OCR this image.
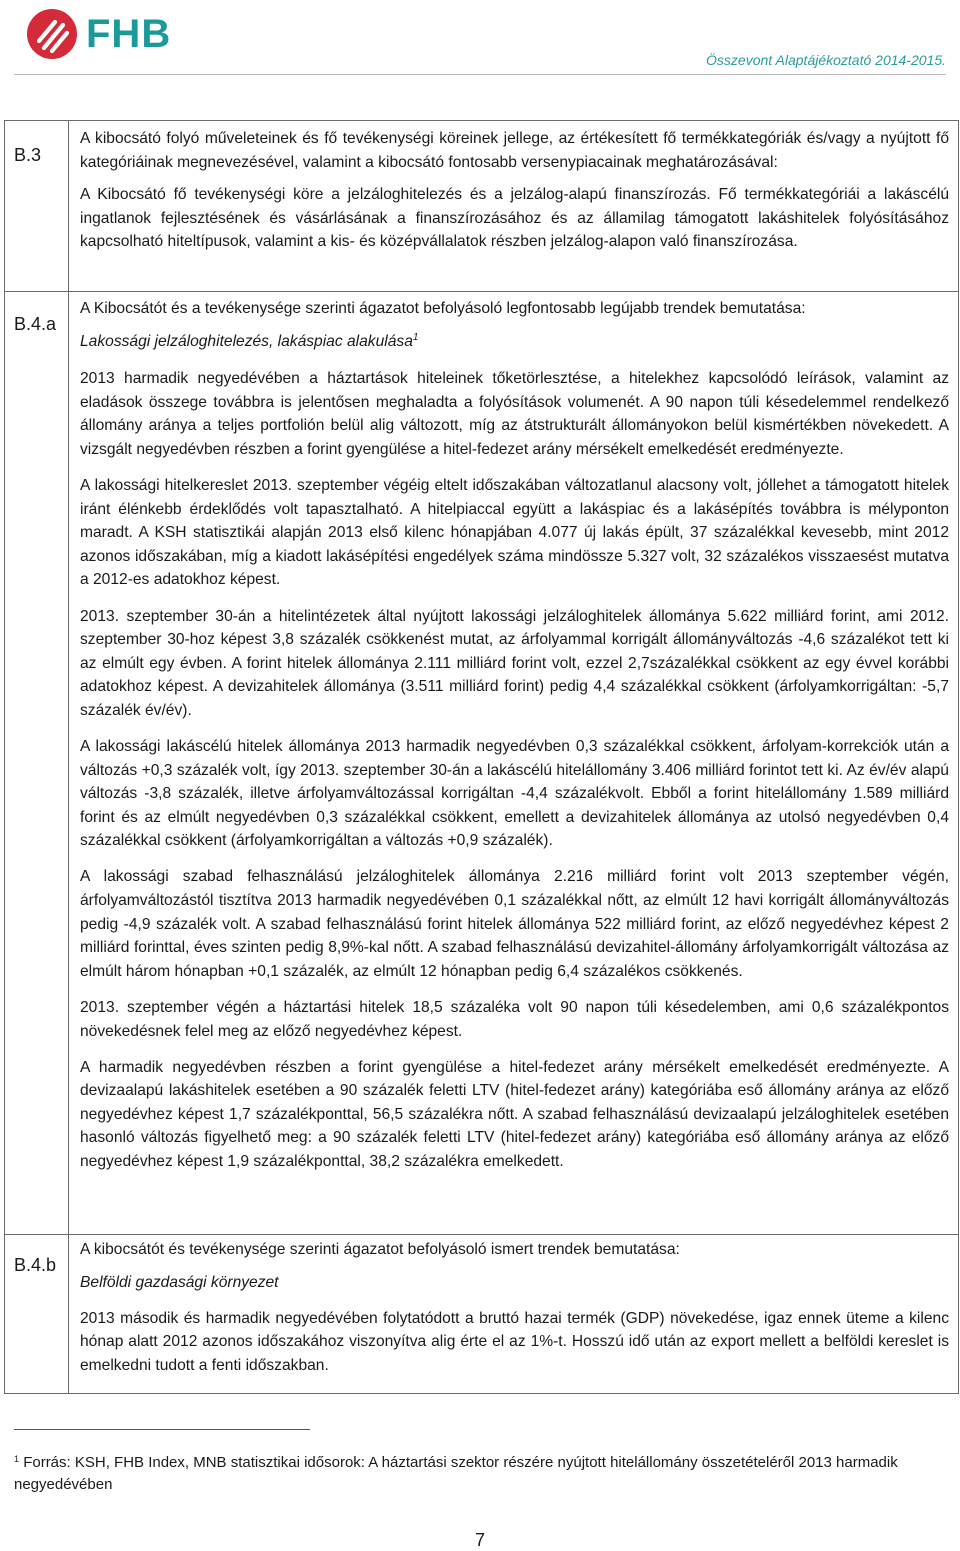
FHB
Összevont Alaptájékoztató 2014-2015.
B.3
B.4.a
B.4.b

A kibocsátó folyó műveleteinek és fő tevékenységi köreinek jellege, az értékesített fő termékkategóriák és/vagy a nyújtott fő kategóriáinak megnevezésével, valamint a kibocsátó fontosabb versenypiacainak meghatározásával:

A Kibocsátó fő tevékenységi köre a jelzáloghitelezés és a jelzálog-alapú finanszírozás. Fő termékkategóriái a lakáscélú ingatlanok fejlesztésének és vásárlásának a finanszírozásához és az államilag támogatott lakáshitelek folyósításához kapcsolható hiteltípusok, valamint a kis- és középvállalatok részben jelzálog-alapon való finanszírozása.

A Kibocsátót és a tevékenysége szerinti ágazatot befolyásoló legfontosabb legújabb trendek bemutatása:

Lakossági jelzáloghitelezés, lakáspiac alakulása$^1$

2013 harmadik negyedévében a háztartások hiteleinek tőketörlesztése, a hitelekhez kapcsolódó leírások, valamint az eladások összege továbbra is jelentősen meghaladta a folyósítások volumenét. A 90 napon túli késedelemmel rendelkező állomány aránya a teljes portfolión belül alig változott, míg az átstrukturált állományokon belül kismértékben növekedett. A vizsgált negyedévben részben a forint gyengülése a hitel-fedezet arány mérsékelt emelkedését eredményezte.

A lakossági hitelkereslet 2013. szeptember végéig eltelt időszakában változatlanul alacsony volt, jóllehet a támogatott hitelek iránt élénkebb érdeklődés volt tapasztalható. A hitelpiaccal együtt a lakáspiac és a lakásépítés továbbra is mélyponton maradt. A KSH statisztikái alapján 2013 első kilenc hónapjában 4.077 új lakás épült, 37 százalékkal kevesebb, mint 2012 azonos időszakában, míg a kiadott lakásépítési engedélyek száma mindössze 5.327 volt, 32 százalékos visszaesést mutatva a 2012-es adatokhoz képest.

2013. szeptember 30-án a hitelintézetek által nyújtott lakossági jelzáloghitelek állománya 5.622 milliárd forint, ami 2012. szeptember 30-hoz képest 3,8 százalék csökkenést mutat, az árfolyammal korrigált állományváltozás -4,6 százalékot tett ki az elmúlt egy évben. A forint hitelek állománya 2.111 milliárd forint volt, ezzel 2,7százalékkal csökkent az egy évvel korábbi adatokhoz képest. A devizahitelek állománya (3.511 milliárd forint) pedig 4,4 százalékkal csökkent (árfolyamkorrigáltan: -5,7 százalék év/év).

A lakossági lakáscélú hitelek állománya 2013 harmadik negyedévben 0,3 százalékkal csökkent, árfolyam-korrekciók után a változás +0,3 százalék volt, így 2013. szeptember 30-án a lakáscélú hitelállomány 3.406 milliárd forintot tett ki. Az év/év alapú változás -3,8 százalék, illetve árfolyamváltozással korrigáltan -4,4 százalékvolt. Ebből a forint hitelállomány 1.589 milliárd forint és az elmúlt negyedévben 0,3 százalékkal csökkent, emellett a devizahitelek állománya az utolsó negyedévben 0,4 százalékkal csökkent (árfolyamkorrigáltan a változás +0,9 százalék).

A lakossági szabad felhasználású jelzáloghitelek állománya 2.216 milliárd forint volt 2013 szeptember végén, árfolyamváltozástól tisztítva 2013 harmadik negyedévében 0,1 százalékkal nőtt, az elmúlt 12 havi korrigált állományváltozás pedig -4,9 százalék volt. A szabad felhasználású forint hitelek állománya 522 milliárd forint, az előző negyedévhez képest 2 milliárd forinttal, éves szinten pedig 8,9%-kal nőtt. A szabad felhasználású devizahitel-állomány árfolyamkorrigált változása az elmúlt három hónapban +0,1 százalék, az elmúlt 12 hónapban pedig 6,4 százalékos csökkenés.

2013. szeptember végén a háztartási hitelek 18,5 százaléka volt 90 napon túli késedelemben, ami 0,6 százalékpontos növekedésnek felel meg az előző negyedévhez képest.

A harmadik negyedévben részben a forint gyengülése a hitel-fedezet arány mérsékelt emelkedését eredményezte. A devizaalapú lakáshitelek esetében a 90 százalék feletti LTV (hitel-fedezet arány) kategóriába eső állomány aránya az előző negyedévhez képest 1,7 százalékponttal, 56,5 százalékra nőtt. A szabad felhasználású devizaalapú jelzáloghitelek esetében hasonló változás figyelhető meg: a 90 százalék feletti LTV (hitel-fedezet arány) kategóriába eső állomány aránya az előző negyedévhez képest 1,9 százalékponttal, 38,2 százalékra emelkedett.

A kibocsátót és tevékenysége szerinti ágazatot befolyásoló ismert trendek bemutatása:

Belföldi gazdasági környezet

2013 második és harmadik negyedévében folytatódott a bruttó hazai termék (GDP) növekedése, igaz ennek üteme a kilenc hónap alatt 2012 azonos időszakához viszonyítva alig érte el az 1%-t. Hosszú idő után az export mellett a belföldi kereslet is emelkedni tudott a fenti időszakban.

$^1$ Forrás: KSH, FHB Index, MNB statisztikai idősorok: A háztartási szektor részére nyújtott hitelállomány összetételéről 2013 harmadik negyedévében
7
